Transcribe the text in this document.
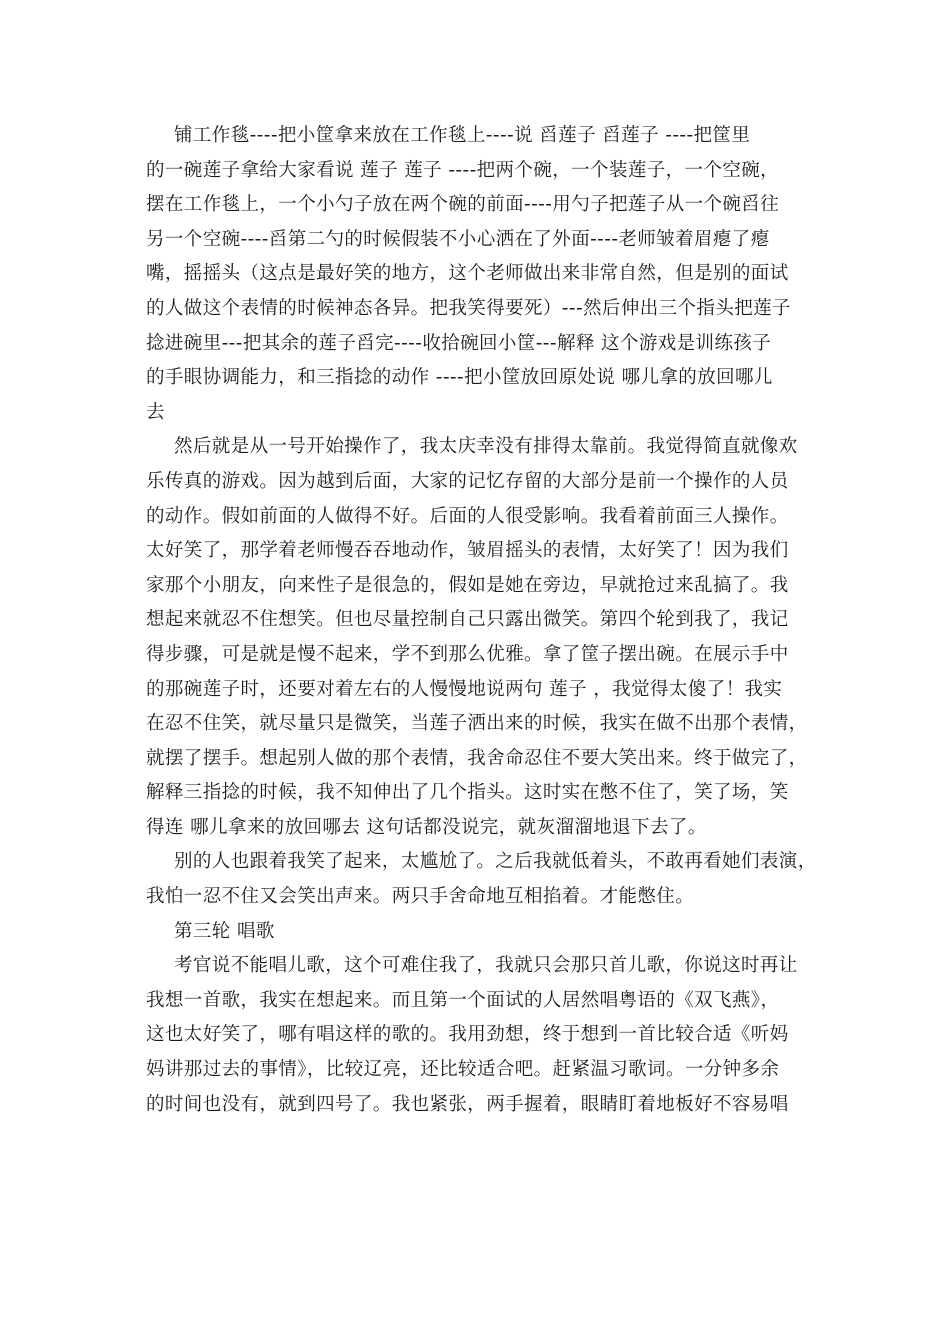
铺工作毯----把小筐拿来放在工作毯上----说 舀莲子 舀莲子 ----把筐里
的一碗莲子拿给大家看说 莲子 莲子 ----把两个碗，一个装莲子，一个空碗，
摆在工作毯上，一个小勺子放在两个碗的前面----用勺子把莲子从一个碗舀往
另一个空碗----舀第二勺的时候假装不小心洒在了外面----老师皱着眉瘪了瘪
嘴，摇摇头（这点是最好笑的地方，这个老师做出来非常自然，但是别的面试
的人做这个表情的时候神态各异。把我笑得要死）---然后伸出三个指头把莲子
捻进碗里---把其余的莲子舀完----收拾碗回小筐---解释 这个游戏是训练孩子
的手眼协调能力，和三指捻的动作 ----把小筐放回原处说 哪儿拿的放回哪儿
去
然后就是从一号开始操作了，我太庆幸没有排得太靠前。我觉得简直就像欢
乐传真的游戏。因为越到后面，大家的记忆存留的大部分是前一个操作的人员
的动作。假如前面的人做得不好。后面的人很受影响。我看着前面三人操作。
太好笑了，那学着老师慢吞吞地动作，皱眉摇头的表情，太好笑了！因为我们
家那个小朋友，向来性子是很急的，假如是她在旁边，早就抢过来乱搞了。我
想起来就忍不住想笑。但也尽量控制自己只露出微笑。第四个轮到我了，我记
得步骤，可是就是慢不起来，学不到那么优雅。拿了筐子摆出碗。在展示手中
的那碗莲子时，还要对着左右的人慢慢地说两句 莲子 ，我觉得太傻了！我实
在忍不住笑，就尽量只是微笑，当莲子洒出来的时候，我实在做不出那个表情，
就摆了摆手。想起别人做的那个表情，我舍命忍住不要大笑出来。终于做完了，
解释三指捻的时候，我不知伸出了几个指头。这时实在憋不住了，笑了场，笑
得连 哪儿拿来的放回哪去 这句话都没说完，就灰溜溜地退下去了。
别的人也跟着我笑了起来，太尴尬了。之后我就低着头，不敢再看她们表演，
我怕一忍不住又会笑出声来。两只手舍命地互相掐着。才能憋住。
第三轮 唱歌
考官说不能唱儿歌，这个可难住我了，我就只会那只首儿歌，你说这时再让
我想一首歌，我实在想起来。而且第一个面试的人居然唱粤语的《双飞燕》，
这也太好笑了，哪有唱这样的歌的。我用劲想，终于想到一首比较合适《听妈
妈讲那过去的事情》，比较辽亮，还比较适合吧。赶紧温习歌词。一分钟多余
的时间也没有，就到四号了。我也紧张，两手握着，眼睛盯着地板好不容易唱
